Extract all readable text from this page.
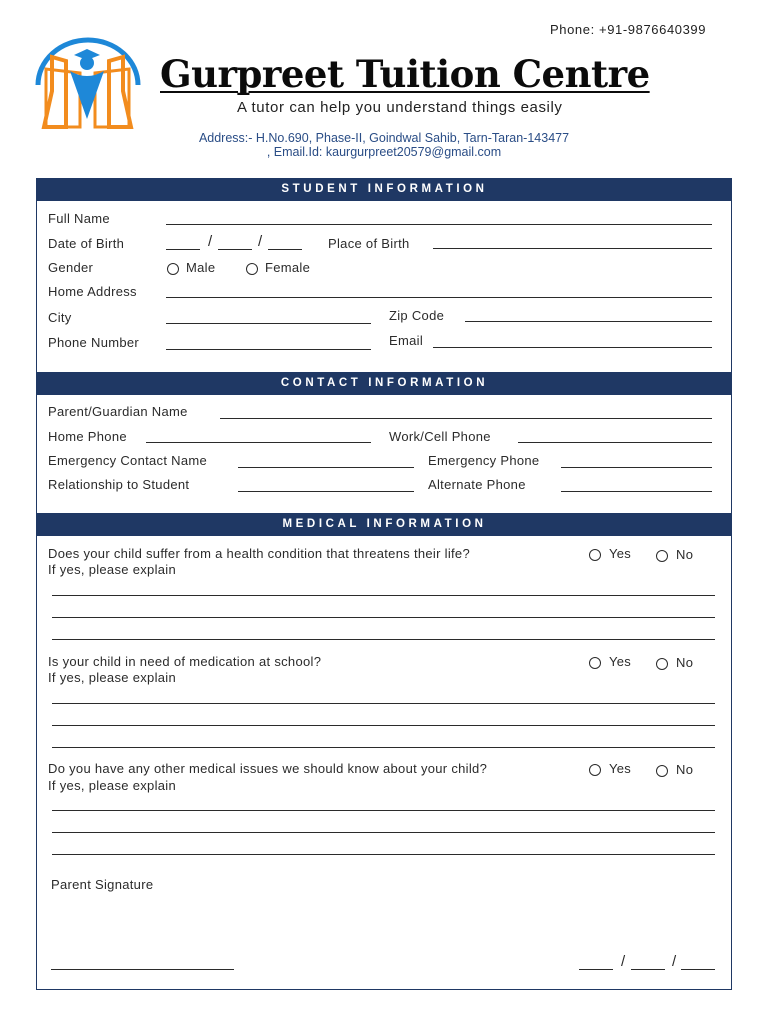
Phone: +91-9876640399
Gurpreet Tuition Centre
A tutor can help you understand things easily
Address:- H.No.690, Phase-II, Goindwal Sahib, Tarn-Taran-143477
, Email.Id: kaurgurpreet20579@gmail.com
STUDENT INFORMATION
Full Name
Date of Birth	/	/	Place of Birth
Gender	Male	Female
Home Address
City	Zip Code
Phone Number	Email
CONTACT INFORMATION
Parent/Guardian Name
Home Phone	Work/Cell Phone
Emergency Contact Name	Emergency Phone
Relationship to Student	Alternate Phone
MEDICAL INFORMATION
Does your child suffer from a health condition that threatens their life?
If yes, please explain
Yes	No
Is your child in need of medication at school?
If yes, please explain
Yes	No
Do you have any other medical issues we should know about your child?
If yes, please explain
Yes	No
Parent Signature
/	/
